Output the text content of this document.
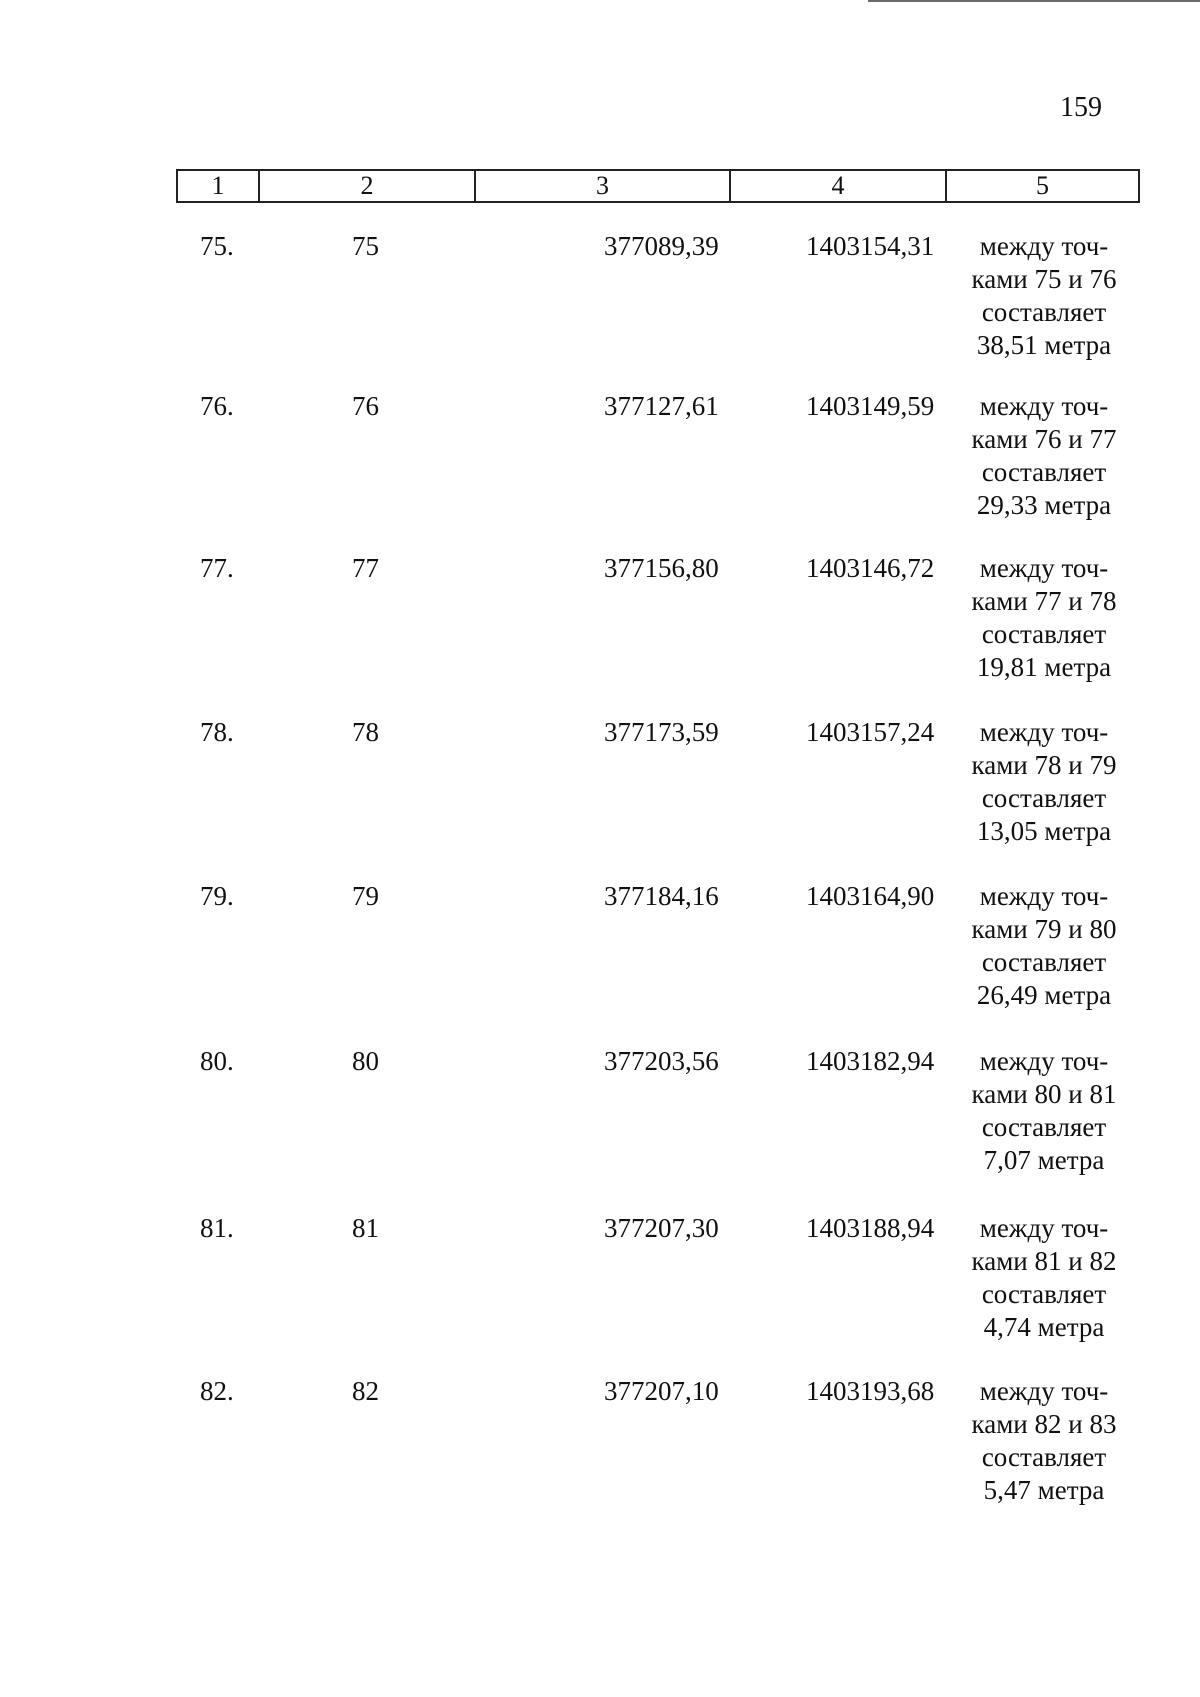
159
1	2	3	4	5
75.	75	377089,39	1403154,31	между точ-
ками 75 и 76
составляет
38,51 метра
76.	76	377127,61	1403149,59	между точ-
ками 76 и 77
составляет
29,33 метра
77.	77	377156,80	1403146,72	между точ-
ками 77 и 78
составляет
19,81 метра
78.	78	377173,59	1403157,24	между точ-
ками 78 и 79
составляет
13,05 метра
79.	79	377184,16	1403164,90	между точ-
ками 79 и 80
составляет
26,49 метра
80.	80	377203,56	1403182,94	между точ-
ками 80 и 81
составляет
7,07 метра
81.	81	377207,30	1403188,94	между точ-
ками 81 и 82
составляет
4,74 метра
82.	82	377207,10	1403193,68	между точ-
ками 82 и 83
составляет
5,47 метра
